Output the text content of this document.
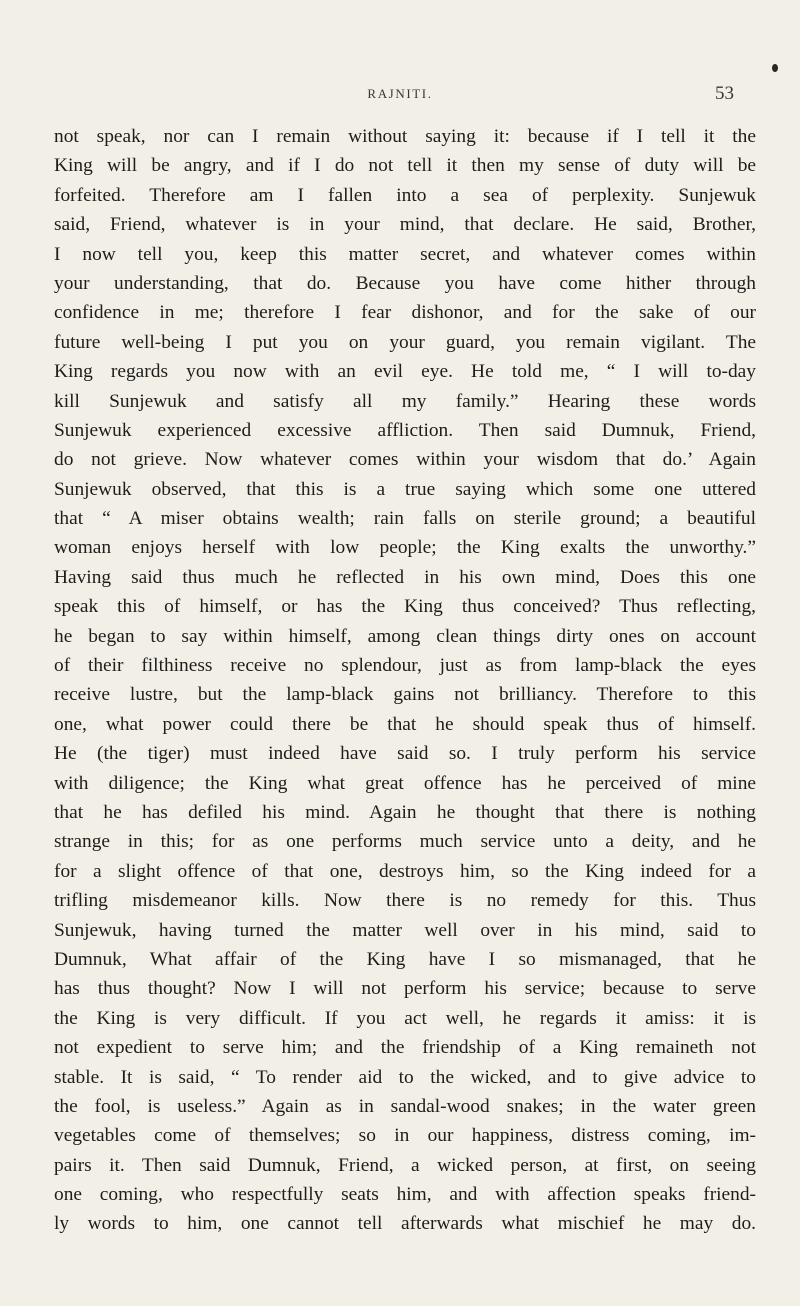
RAJNITI.	53
not speak, nor can I remain without saying it: because if I tell it the
King will be angry, and if I do not tell it then my sense of duty will be
forfeited. Therefore am I fallen into a sea of perplexity. Sunjewuk
said, Friend, whatever is in your mind, that declare. He said, Brother,
I now tell you, keep this matter secret, and whatever comes within
your understanding, that do. Because you have come hither through
confidence in me; therefore I fear dishonor, and for the sake of our
future well-being I put you on your guard, you remain vigilant. The
King regards you now with an evil eye. He told me, “ I will to-day
kill Sunjewuk and satisfy all my family.” Hearing these words
Sunjewuk experienced excessive affliction. Then said Dumnuk, Friend,
do not grieve. Now whatever comes within your wisdom that do.’ Again
Sunjewuk observed, that this is a true saying which some one uttered
that “ A miser obtains wealth; rain falls on sterile ground; a beautiful
woman enjoys herself with low people; the King exalts the unworthy.”
Having said thus much he reflected in his own mind, Does this one
speak this of himself, or has the King thus conceived? Thus reflecting,
he began to say within himself, among clean things dirty ones on account
of their filthiness receive no splendour, just as from lamp-black the eyes
receive lustre, but the lamp-black gains not brilliancy. Therefore to this
one, what power could there be that he should speak thus of himself.
He (the tiger) must indeed have said so. I truly perform his service
with diligence; the King what great offence has he perceived of mine
that he has defiled his mind. Again he thought that there is nothing
strange in this; for as one performs much service unto a deity, and he
for a slight offence of that one, destroys him, so the King indeed for a
trifling misdemeanor kills. Now there is no remedy for this. Thus
Sunjewuk, having turned the matter well over in his mind, said to
Dumnuk, What affair of the King have I so mismanaged, that he
has thus thought? Now I will not perform his service; because to serve
the King is very difficult. If you act well, he regards it amiss: it is
not expedient to serve him; and the friendship of a King remaineth not
stable. It is said, “ To render aid to the wicked, and to give advice to
the fool, is useless.” Again as in sandal-wood snakes; in the water green
vegetables come of themselves; so in our happiness, distress coming, im-
pairs it. Then said Dumnuk, Friend, a wicked person, at first, on seeing
one coming, who respectfully seats him, and with affection speaks friend-
ly words to him, one cannot tell afterwards what mischief he may do.
